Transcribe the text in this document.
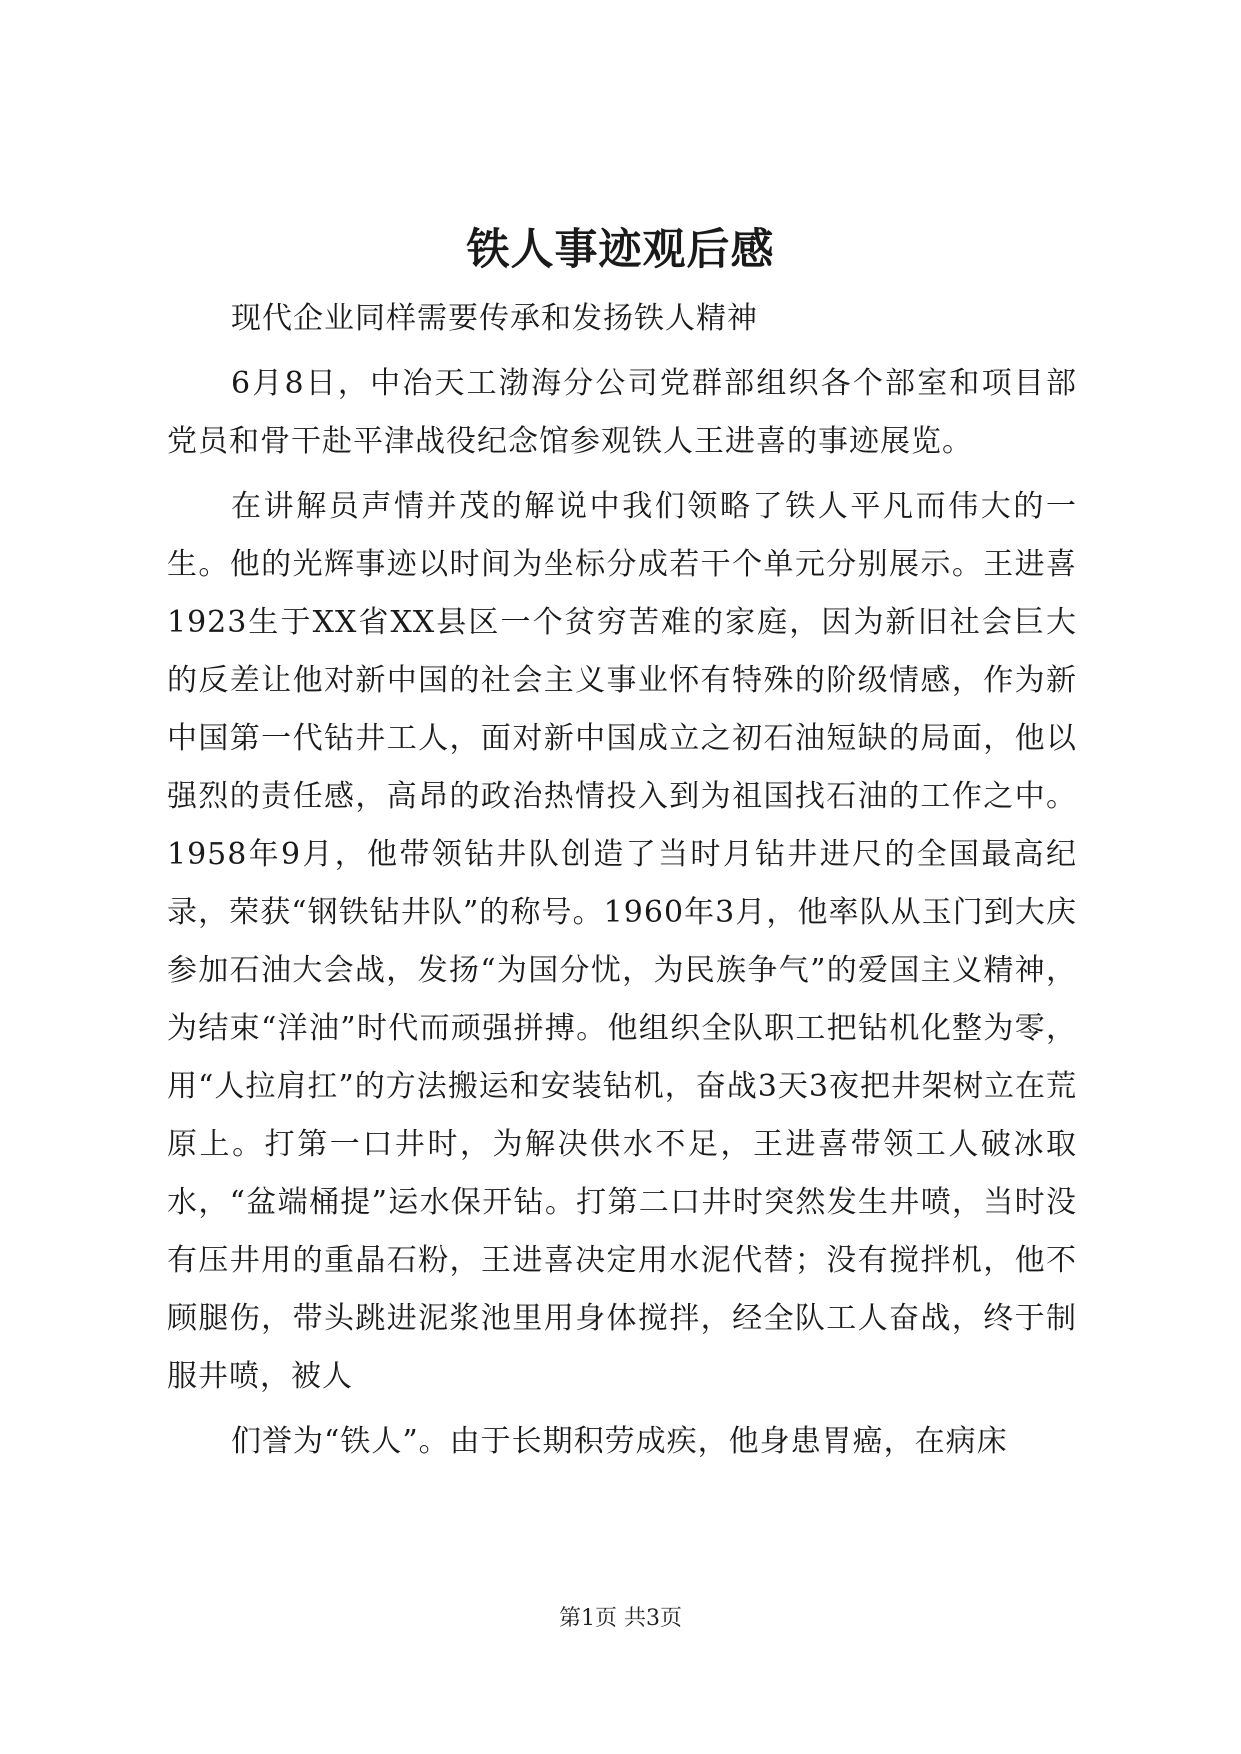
铁人事迹观后感

现代企业同样需要传承和发扬铁人精神

6月8日，中冶天工渤海分公司党群部组织各个部室和项目部党员和骨干赴平津战役纪念馆参观铁人王进喜的事迹展览。

在讲解员声情并茂的解说中我们领略了铁人平凡而伟大的一生。他的光辉事迹以时间为坐标分成若干个单元分别展示。王进喜1923生于XX省XX县区一个贫穷苦难的家庭，因为新旧社会巨大的反差让他对新中国的社会主义事业怀有特殊的阶级情感，作为新中国第一代钻井工人，面对新中国成立之初石油短缺的局面，他以强烈的责任感，高昂的政治热情投入到为祖国找石油的工作之中。1958年9月，他带领钻井队创造了当时月钻井进尺的全国最高纪录，荣获“钢铁钻井队”的称号。1960年3月，他率队从玉门到大庆参加石油大会战，发扬“为国分忧，为民族争气”的爱国主义精神，为结束“洋油”时代而顽强拼搏。他组织全队职工把钻机化整为零，用“人拉肩扛”的方法搬运和安装钻机，奋战3天3夜把井架树立在荒原上。打第一口井时，为解决供水不足，王进喜带领工人破冰取水，“盆端桶提”运水保开钻。打第二口井时突然发生井喷，当时没有压井用的重晶石粉，王进喜决定用水泥代替；没有搅拌机，他不顾腿伤，带头跳进泥浆池里用身体搅拌，经全队工人奋战，终于制服井喷，被人

们誉为“铁人”。由于长期积劳成疾，他身患胃癌，在病床

第1页 共3页
